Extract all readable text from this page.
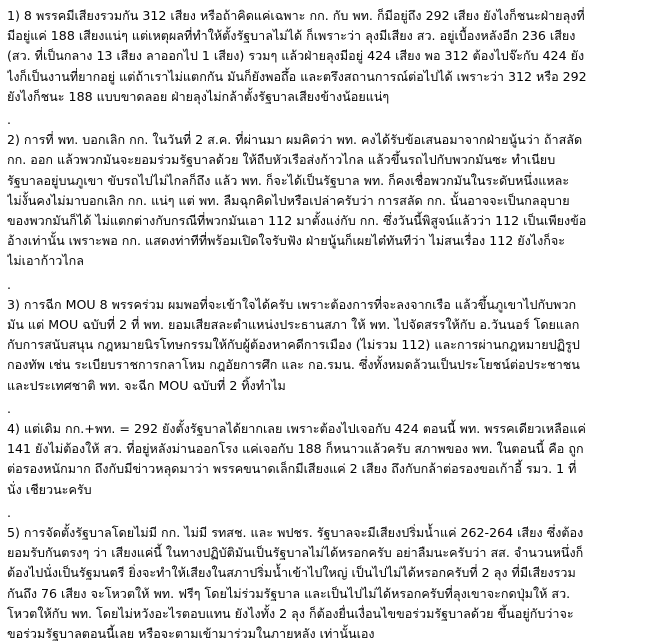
1) 8 พรรคมีเสียงรวมกัน 312 เสียง หรือถ้าคิดแค่เฉพาะ กก. กับ พท. ก็มีอยู่ถึง 292 เสียง ยังไงก็ชนะฝ่ายลุงที่
มีอยู่แค่ 188 เสียงแน่ๆ แต่เหตุผลที่ทำให้ตั้งรัฐบาลไม่ได้ ก็เพราะว่า ลุงมีเสียง สว. อยู่เบื้องหลังอีก 236 เสียง
(สว. ที่เป็นกลาง 13 เสียง ลาออกไป 1 เสียง) รวมๆ แล้วฝ่ายลุงมีอยู่ 424 เสียง พอ 312 ต้องไปจ๊ะกับ 424 ยัง
ไงก็เป็นงานที่ยากอยู่ แต่ถ้าเราไม่แตกกัน มันก็ยังพอถึ้อ และตรึงสถานการณ์ต่อไปได้ เพราะว่า 312 หรือ 292
ยังไงก็ชนะ 188 แบบขาดลอย ฝ่ายลุงไม่กล้าตั้งรัฐบาลเสียงข้างน้อยแน่ๆ
.
2) การที่ พท. บอกเลิก กก. ในวันที่ 2 ส.ค. ที่ผ่านมา ผมคิดว่า พท. คงได้รับข้อเสนอมาจากฝ่ายนู้นว่า ถ้าสลัด
กก. ออก แล้วพวกมันจะยอมร่วมรัฐบาลด้วย ให้ถีบหัวเรือส่งก้าวไกล แล้วขึ้นรถไปกับพวกมันซะ ทำเนียบ
รัฐบาลอยู่บนภูเขา ขับรถไปไม่ไกลก็ถึง แล้ว พท. ก็จะได้เป็นรัฐบาล พท. ก็คงเชื่อพวกมันในระดับหนึ่งแหละ
ไม่งั้นคงไม่มาบอกเลิก กก. แน่ๆ แต่ พท. ลืมฉุกคิดไปหรือเปล่าครับว่า การสลัด กก. นั้นอาจจะเป็นกลอุบาย
ของพวกมันก็ได้ ไม่แตกต่างกับกรณีที่พวกมันเอา 112 มาตั้งแง่กับ กก. ซึ่งวันนี้พิสูจน์แล้วว่า 112 เป็นเพียงข้อ
อ้างเท่านั้น เพราะพอ กก. แสดงท่าทีที่พร้อมเปิดใจรับฟัง ฝ่ายนู้นก็เผยไต๋ทันทีว่า ไม่สนเรื่อง 112 ยังไงก็จะ
ไม่เอาก้าวไกล
.
3) การฉีก MOU 8 พรรคร่วม ผมพอที่จะเข้าใจได้ครับ เพราะต้องการที่จะลงจากเรือ แล้วขึ้นภูเขาไปกับพวก
มัน แต่ MOU ฉบับที่ 2 ที่ พท. ยอมเสียสละตำแหน่งประธานสภา ให้ พท. ไปจัดสรรให้กับ อ.วันนอร์ โดยแลก
กับการสนับสนุน กฎหมายนิรโทษกรรมให้กับผู้ต้องหาคดีการเมือง (ไม่รวม 112) และการผ่านกฎหมายปฏิรูป
กองทัพ เช่น ระเบียบราชการกลาโหม กฎอัยการศึก และ กอ.รมน. ซึ่งทั้งหมดล้วนเป็นประโยชน์ต่อประชาชน
และประเทศชาติ พท. จะฉีก MOU ฉบับที่ 2 ทิ้งทำไม
.
4) แต่เดิม กก.+พท. = 292 ยังตั้งรัฐบาลได้ยากเลย เพราะต้องไปเจอกับ 424 ตอนนี้ พท. พรรคเดียวเหลือแค่
141 ยังไม่ต้องให้ สว. ที่อยู่หลังม่านออกโรง แค่เจอกับ 188 ก็หนาวแล้วครับ สภาพของ พท. ในตอนนี้ คือ ถูก
ต่อรองหนักมาก ถึงกับมีข่าวหลุดมาว่า พรรคขนาดเล็กมีเสียงแค่ 2 เสียง ถึงกับกล้าต่อรองขอเก้าอี้ รมว. 1 ที่
นั่ง เชียวนะครับ
.
5) การจัดตั้งรัฐบาลโดยไม่มี กก. ไม่มี รทสช. และ พปชร. รัฐบาลจะมีเสียงปริ่มน้ำแค่ 262-264 เสียง ซึ่งต้อง
ยอมรับกันตรงๆ ว่า เสียงแค่นี้ ในทางปฏิบัติมันเป็นรัฐบาลไม่ได้หรอกครับ อย่าลืมนะครับว่า สส. จำนวนหนึ่งก็
ต้องไปนั่งเป็นรัฐมนตรี ยิ่งจะทำให้เสียงในสภาปริ่มน้ำเข้าไปใหญ่ เป็นไปไม่ได้หรอกครับที่ 2 ลุง ที่มีเสียงรวม
กันถึง 76 เสียง จะโหวตให้ พท. ฟรีๆ โดยไม่ร่วมรัฐบาล และเป็นไปไม่ได้หรอกครับที่ลุงเขาจะกดปุ่มให้ สว.
โหวตให้กับ พท. โดยไม่หวังอะไรตอบแทน ยังไงทั้ง 2 ลุง ก็ต้องยื่นเงื่อนไขขอร่วมรัฐบาลด้วย ขึ้นอยู่กับว่าจะ
ขอร่วมรัฐบาลตอนนี้เลย หรือจะตามเข้ามาร่วมในภายหลัง เท่านั้นเอง
